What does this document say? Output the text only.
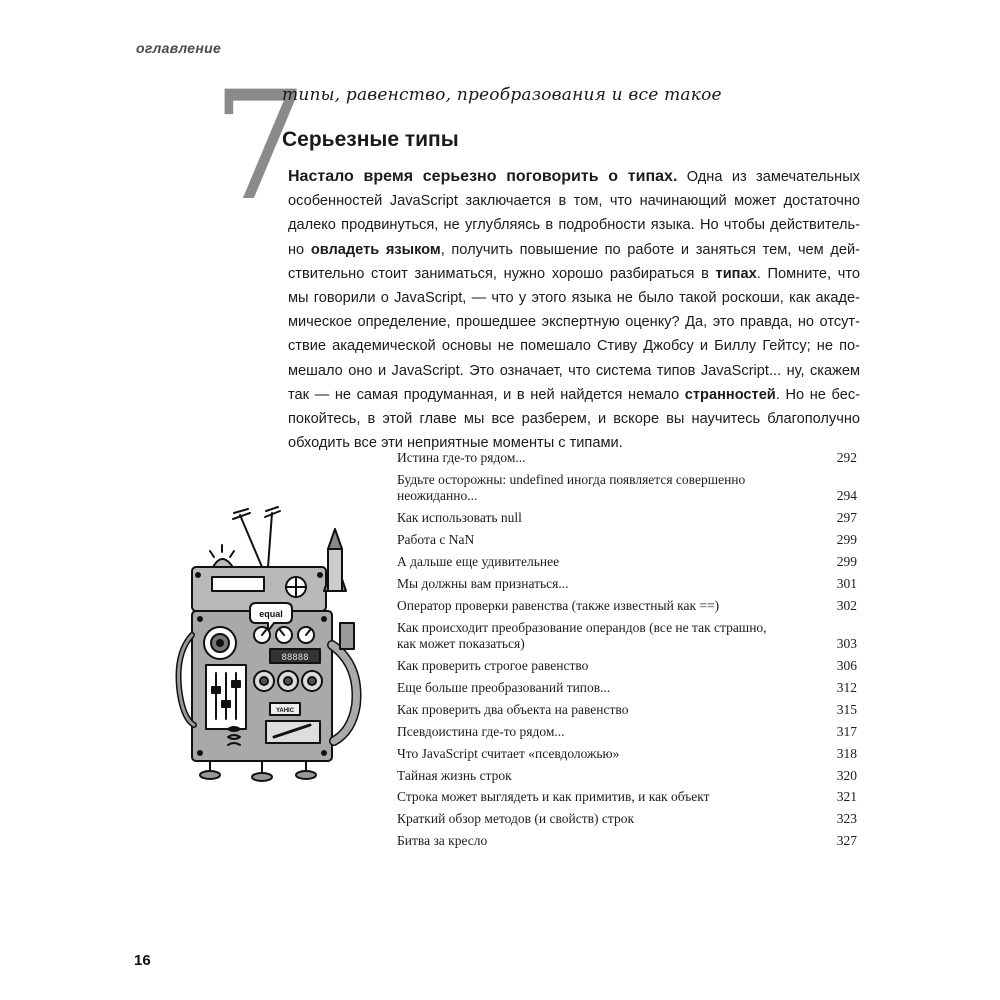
оглавление
7
типы, равенство, преобразования и все такое
Серьезные типы

Настало время серьезно поговорить о типах. Одна из замечательных особенностей JavaScript заключается в том, что начинающий может достаточно далеко продвинуться, не углубляясь в подробности языка. Но чтобы действительно овладеть языком, получить повышение по работе и заняться тем, чем действительно стоит заниматься, нужно хорошо разбираться в типах. Помните, что мы говорили о JavaScript, — что у этого языка не было такой роскоши, как академическое определение, прошедшее экспертную оценку? Да, это правда, но отсутствие академической основы не помешало Стиву Джобсу и Биллу Гейтсу; не помешало оно и JavaScript. Это означает, что система типов JavaScript... ну, скажем так — не самая продуманная, и в ней найдется немало странностей. Но не беспокойтесь, в этой главе мы все разберем, и вскоре вы научитесь благополучно обходить все эти неприятные моменты с типами.

equal
88888
YAHIC
Истина где-то рядом...	292
Будьте осторожны: undefined иногда появляется совершенно неожиданно...	294
Как использовать null	297
Работа с NaN	299
А дальше еще удивительнее	299
Мы должны вам признаться...	301
Оператор проверки равенства (также известный как ==)	302
Как происходит преобразование операндов (все не так страшно, как может показаться)	303
Как проверить строгое равенство	306
Еще больше преобразований типов...	312
Как проверить два объекта на равенство	315
Псевдоистина где-то рядом...	317
Что JavaScript считает «псевдоложью»	318
Тайная жизнь строк	320
Строка может выглядеть и как примитив, и как объект	321
Краткий обзор методов (и свойств) строк	323
Битва за кресло	327
16
